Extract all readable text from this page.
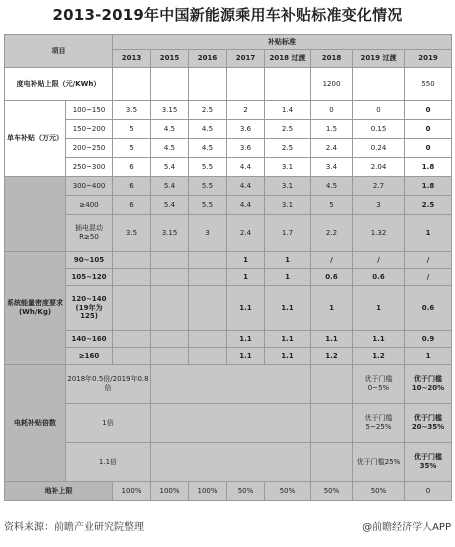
2013-2019年中国新能源乘用车补贴标准变化情况
项目		补贴标准							
		2013	2015	2016	2017	2018 过渡	2018	2019 过渡	2019
度电补贴上限（元/KWh）							1200		550
单车补贴（万元）	100~150	3.5	3.15	2.5	2	1.4	0	0	0
	150~200	5	4.5	4.5	3.6	2.5	1.5	0.15	0
	200~250	5	4.5	4.5	3.6	2.5	2.4	0.24	0
	250~300	6	5.4	5.5	4.4	3.1	3.4	2.04	1.8
	300~400	6	5.4	5.5	4.4	3.1	4.5	2.7	1.8
	≥400	6	5.4	5.5	4.4	3.1	5	3	2.5
	插电混动 R≥50	3.5	3.15	3	2.4	1.7	2.2	1.32	1
系统能量密度要求(Wh/Kg)	90~105				1	1	/	/	/
	105~120				1	1	0.6	0.6	/
	120~140 (19年为125)				1.1	1.1	1	1	0.6
	140~160				1.1	1.1	1.1	1.1	0.9
	≥160				1.1	1.1	1.2	1.2	1
电耗补贴倍数	2018年0.5倍/2019年0.8倍							优于门槛0~5%	优于门槛10~20%
	1倍							优于门槛5~25%	优于门槛20~35%
	1.1倍							优于门槛25%	优于门槛35%
地补上限		100%	100%	100%	50%	50%	50%	50%	0
资料来源：前瞻产业研究院整理	@前瞻经济学人APP
